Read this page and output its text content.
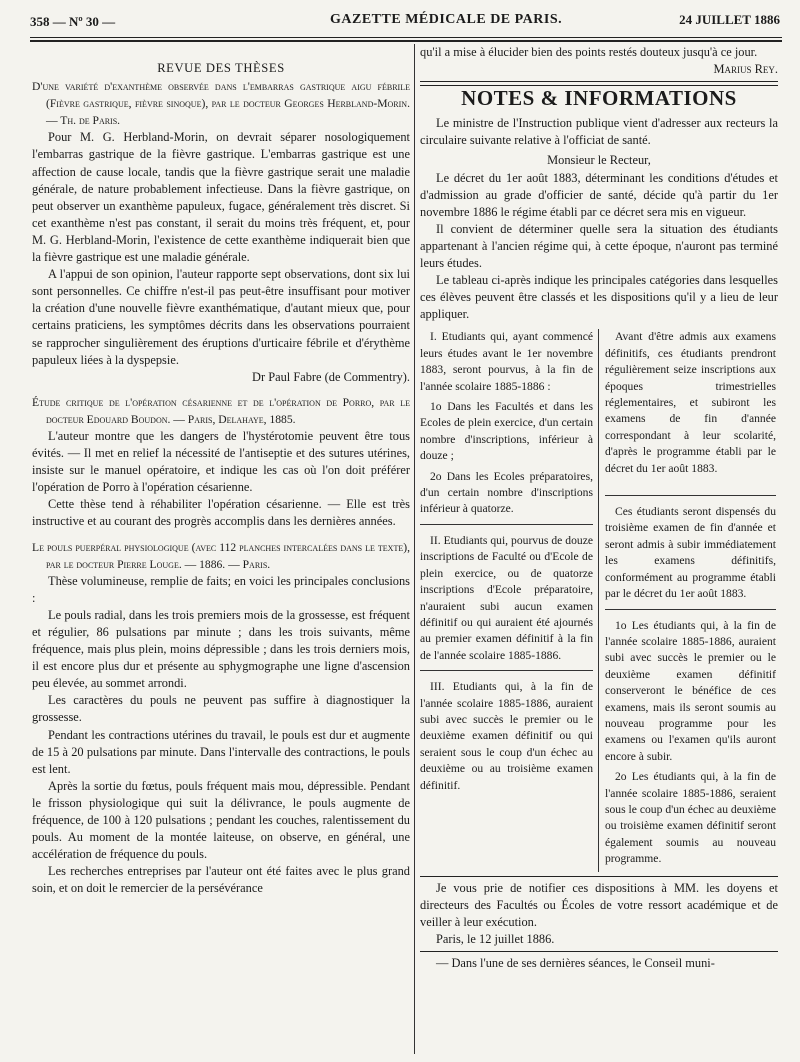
358 — Nº 30 —	GAZETTE MÉDICALE DE PARIS.	24 JUILLET 1886

REVUE DES THÈSES

D'une variété d'exanthème observée dans l'embarras gastrique aigu fébrile (Fièvre gastrique, fièvre sinoque), par le docteur Georges Herbland-Morin. — Th. de Paris.

Pour M. G. Herbland-Morin, on devrait séparer nosologiquement l'embarras gastrique de la fièvre gastrique. L'embarras gastrique est une affection de cause locale, tandis que la fièvre gastrique serait une maladie générale, de nature probablement infectieuse. Dans la fièvre gastrique, on peut observer un exanthème papuleux, fugace, généralement très discret. Si cet exanthème n'est pas constant, il serait du moins très fréquent, et, pour M. G. Herbland-Morin, l'existence de cette exanthème indiquerait bien que la fièvre gastrique est une maladie générale.

A l'appui de son opinion, l'auteur rapporte sept observations, dont six lui sont personnelles. Ce chiffre n'est-il pas peut-être insuffisant pour motiver la création d'une nouvelle fièvre exanthématique, d'autant mieux que, pour certains praticiens, les symptômes décrits dans les observations pourraient se rapprocher singulièrement des éruptions d'urticaire fébrile et d'érythème papuleux liées à la dyspepsie.

Dr Paul Fabre (de Commentry).

Étude critique de l'opération césarienne et de l'opération de Porro, par le docteur Edouard Boudon. — Paris, Delahaye, 1885.

L'auteur montre que les dangers de l'hystérotomie peuvent être tous évités. — Il met en relief la nécessité de l'antiseptie et des sutures utérines, insiste sur le manuel opératoire, et indique les cas où l'on doit préférer l'opération de Porro à l'opération césarienne.

Cette thèse tend à réhabiliter l'opération césarienne. — Elle est très instructive et au courant des progrès accomplis dans les dernières années.

Le pouls puerpéral physiologique (avec 112 planches intercalées dans le texte), par le docteur Pierre Louge. — 1886. — Paris.

Thèse volumineuse, remplie de faits; en voici les principales conclusions :

Le pouls radial, dans les trois premiers mois de la grossesse, est fréquent et régulier, 86 pulsations par minute ; dans les trois suivants, même fréquence, mais plus plein, moins dépressible ; dans les trois derniers mois, il est encore plus dur et présente au sphygmographe une ligne d'ascension peu élevée, au sommet arrondi.

Les caractères du pouls ne peuvent pas suffire à diagnostiquer la grossesse.

Pendant les contractions utérines du travail, le pouls est dur et augmente de 15 à 20 pulsations par minute. Dans l'intervalle des contractions, le pouls est lent.

Après la sortie du fœtus, pouls fréquent mais mou, dépressible. Pendant le frisson physiologique qui suit la délivrance, le pouls augmente de fréquence, de 100 à 120 pulsations ; pendant les couches, ralentissement du pouls. Au moment de la montée laiteuse, on observe, en général, une accélération de fréquence du pouls.

Les recherches entreprises par l'auteur ont été faites avec le plus grand soin, et on doit le remercier de la persévérance

qu'il a mise à élucider bien des points restés douteux jusqu'à ce jour.

Marius Rey.

NOTES & INFORMATIONS

Le ministre de l'Instruction publique vient d'adresser aux recteurs la circulaire suivante relative à l'officiat de santé.

Monsieur le Recteur,

Le décret du 1er août 1883, déterminant les conditions d'études et d'admission au grade d'officier de santé, décide qu'à partir du 1er novembre 1886 le régime établi par ce décret sera mis en vigueur.

Il convient de déterminer quelle sera la situation des étudiants appartenant à l'ancien régime qui, à cette époque, n'auront pas terminé leurs études.

Le tableau ci-après indique les principales catégories dans lesquelles ces élèves peuvent être classés et les dispositions qu'il y a lieu de leur appliquer.

I. Etudiants qui, ayant commencé leurs études avant le 1er novembre 1883, seront pourvus, à la fin de l'année scolaire 1885-1886 :

1o Dans les Facultés et dans les Ecoles de plein exercice, d'un certain nombre d'inscriptions, inférieur à douze ;

2o Dans les Ecoles préparatoires, d'un certain nombre d'inscriptions inférieur à quatorze.

II. Etudiants qui, pourvus de douze inscriptions de Faculté ou d'Ecole de plein exercice, ou de quatorze inscriptions d'Ecole préparatoire, n'auraient subi aucun examen définitif ou qui auraient été ajournés au premier examen définitif à la fin de l'année scolaire 1885-1886.

III. Etudiants qui, à la fin de l'année scolaire 1885-1886, auraient subi avec succès le premier ou le deuxième examen définitif ou qui seraient sous le coup d'un échec au deuxième ou au troisième examen définitif.

Avant d'être admis aux examens définitifs, ces étudiants prendront régulièrement seize inscriptions aux époques trimestrielles réglementaires, et subiront les examens de fin d'année correspondant à leur scolarité, d'après le programme établi par le décret du 1er août 1883.

Ces étudiants seront dispensés du troisième examen de fin d'année et seront admis à subir immédiatement les examens définitifs, conformément au programme établi par le décret du 1er août 1883.

1o Les étudiants qui, à la fin de l'année scolaire 1885-1886, auraient subi avec succès le premier ou le deuxième examen définitif conserveront le bénéfice de ces examens, mais ils seront soumis au nouveau programme pour les examens ou l'examen qu'ils auront encore à subir.

2o Les étudiants qui, à la fin de l'année scolaire 1885-1886, seraient sous le coup d'un échec au deuxième ou troisième examen définitif seront également soumis au nouveau programme.

Je vous prie de notifier ces dispositions à MM. les doyens et directeurs des Facultés ou Écoles de votre ressort académique et de veiller à leur exécution.

Paris, le 12 juillet 1886.

— Dans l'une de ses dernières séances, le Conseil muni-
